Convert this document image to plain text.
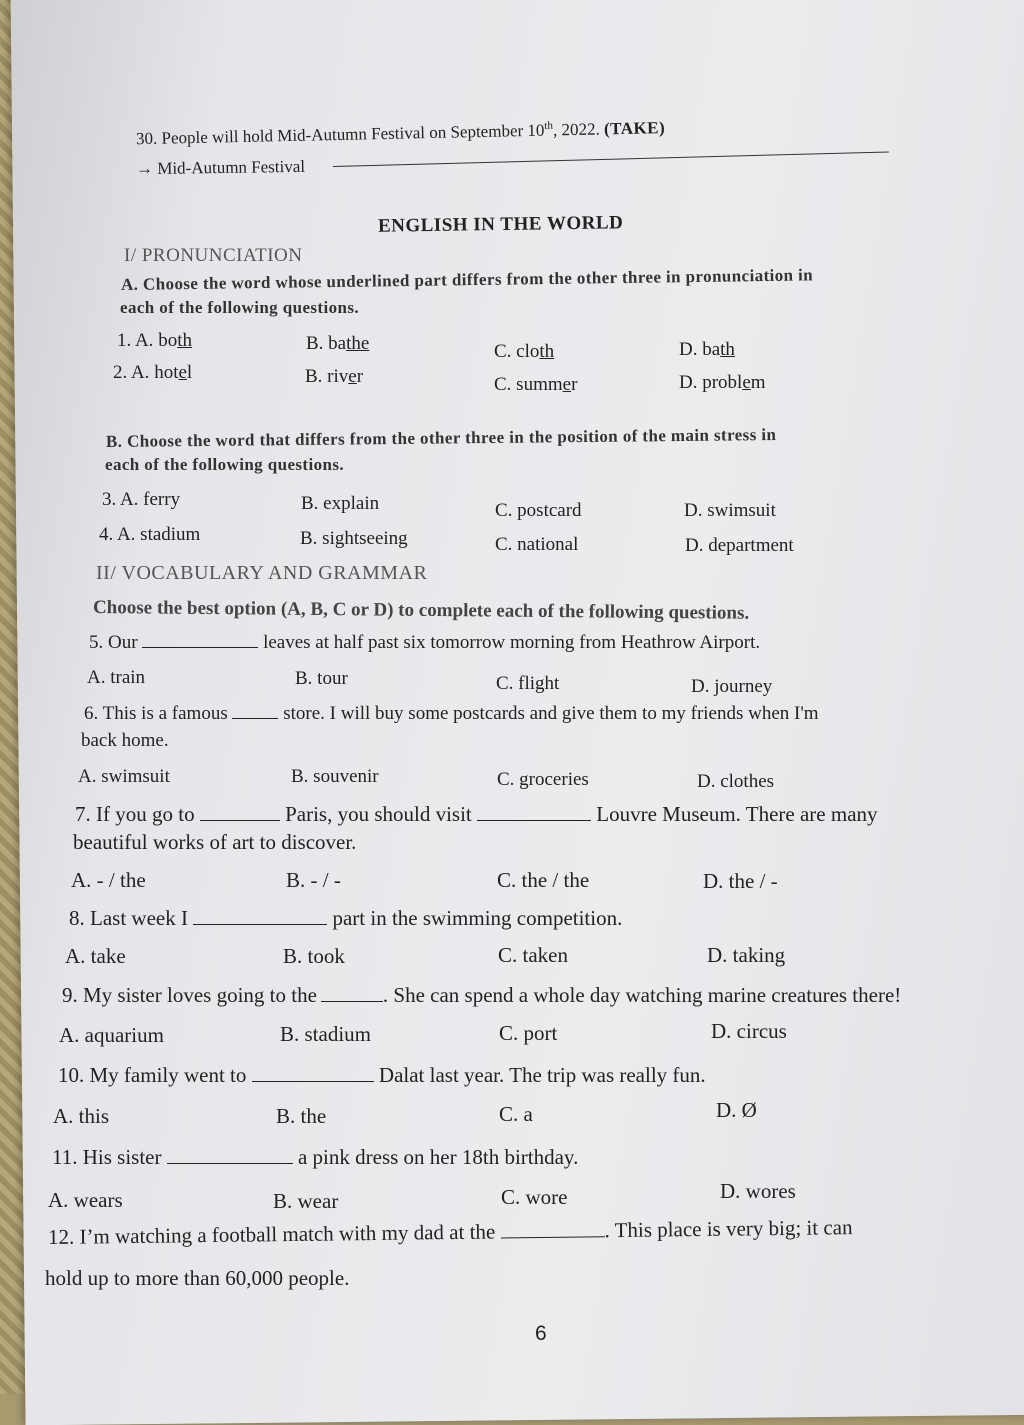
30. People will hold Mid-Autumn Festival on September 10th, 2022. (TAKE)
→ Mid-Autumn Festival
ENGLISH IN THE WORLD
I/ PRONUNCIATION
A. Choose the word whose underlined part differs from the other three in pronunciation in
each of the following questions.
1. A. both	B. bathe	C. cloth	D. bath
2. A. hotel	B. river	C. summer	D. problem
B. Choose the word that differs from the other three in the position of the main stress in
each of the following questions.
3. A. ferry	B. explain	C. postcard	D. swimsuit
4. A. stadium	B. sightseeing	C. national	D. department
II/ VOCABULARY AND GRAMMAR
Choose the best option (A, B, C or D) to complete each of the following questions.
5. Our	leaves at half past six tomorrow morning from Heathrow Airport.
A. train	B. tour	C. flight	D. journey
6. This is a famous	store. I will buy some postcards and give them to my friends when I'm
back home.
A. swimsuit	B. souvenir	C. groceries	D. clothes
7. If you go to	Paris, you should visit	Louvre Museum. There are many
beautiful works of art to discover.
A. - / the	B. - / -	C. the / the	D. the / -
8. Last week I	part in the swimming competition.
A. take	B. took	C. taken	D. taking
9. My sister loves going to the	. She can spend a whole day watching marine creatures there!
A. aquarium	B. stadium	C. port	D. circus
10. My family went to	Dalat last year. The trip was really fun.
A. this	B. the	C. a	D. Ø
11. His sister	a pink dress on her 18th birthday.
A. wears	B. wear	C. wore	D. wores
12. I’m watching a football match with my dad at the	. This place is very big; it can
hold up to more than 60,000 people.
6
